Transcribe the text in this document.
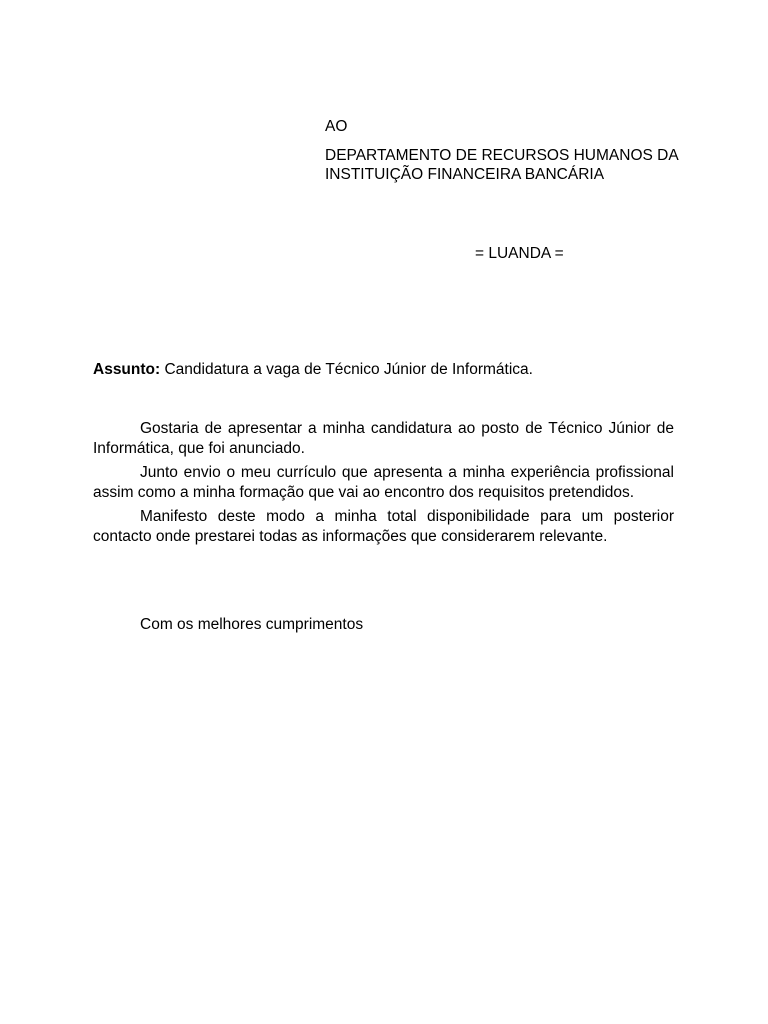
AO

DEPARTAMENTO DE RECURSOS HUMANOS DA INSTITUIÇÃO FINANCEIRA BANCÁRIA

= LUANDA =
Assunto: Candidatura a vaga de Técnico Júnior de Informática.

Gostaria de apresentar a minha candidatura ao posto de Técnico Júnior de Informática, que foi anunciado.

Junto envio o meu currículo que apresenta a minha experiência profissional assim como a minha formação que vai ao encontro dos requisitos pretendidos.

Manifesto deste modo a minha total disponibilidade para um posterior contacto onde prestarei todas as informações que considerarem relevante.

Com os melhores cumprimentos
